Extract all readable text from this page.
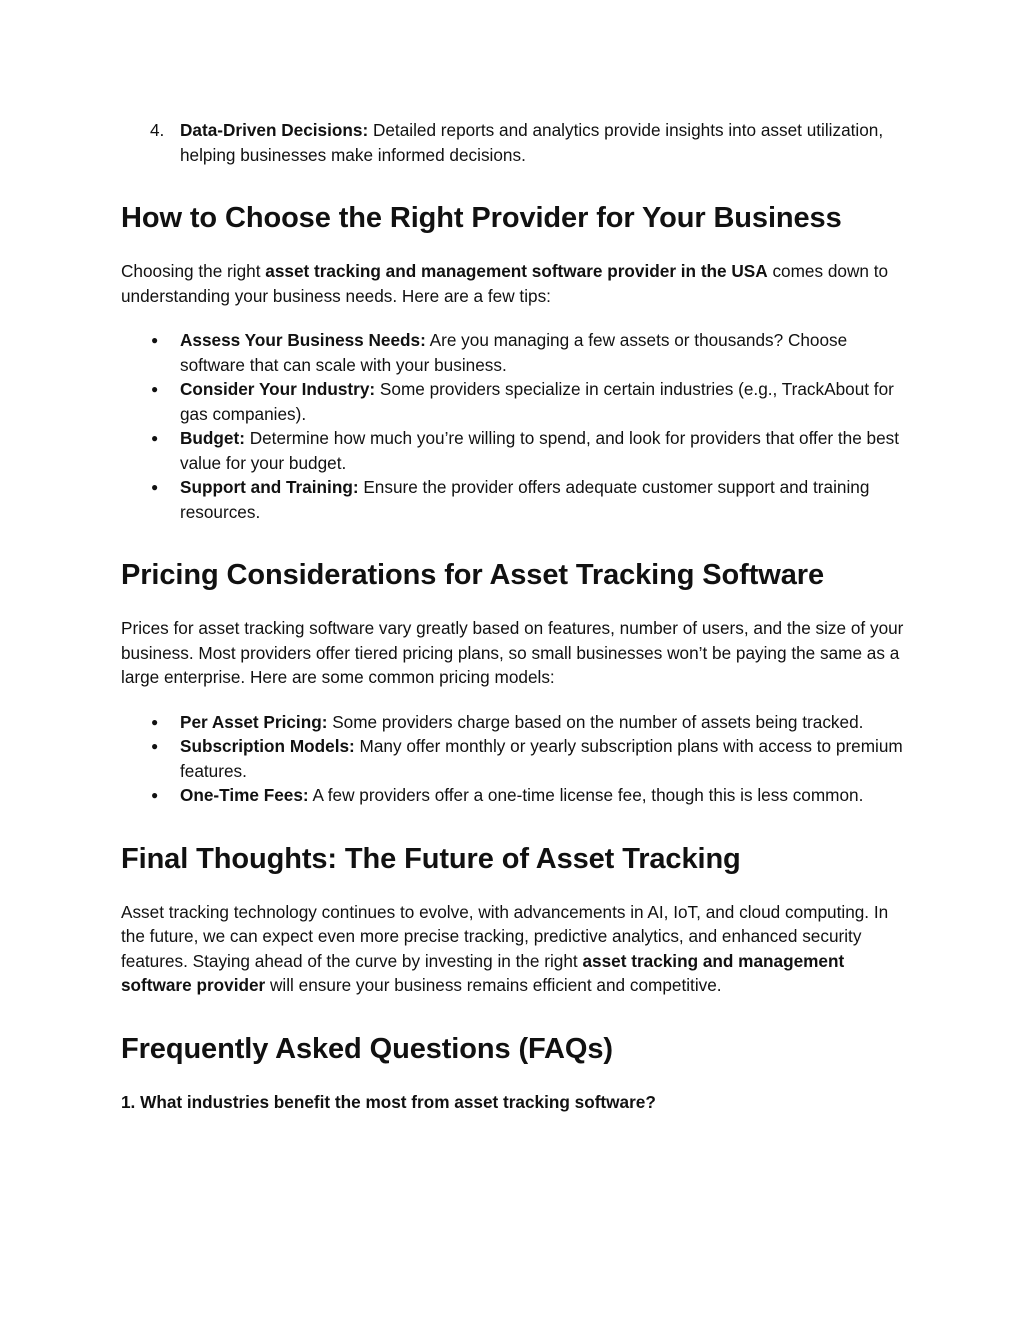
4. Data-Driven Decisions: Detailed reports and analytics provide insights into asset utilization, helping businesses make informed decisions.
How to Choose the Right Provider for Your Business

Choosing the right asset tracking and management software provider in the USA comes down to understanding your business needs. Here are a few tips:

● Assess Your Business Needs: Are you managing a few assets or thousands? Choose software that can scale with your business.
● Consider Your Industry: Some providers specialize in certain industries (e.g., TrackAbout for gas companies).
● Budget: Determine how much you’re willing to spend, and look for providers that offer the best value for your budget.
● Support and Training: Ensure the provider offers adequate customer support and training resources.
Pricing Considerations for Asset Tracking Software

Prices for asset tracking software vary greatly based on features, number of users, and the size of your business. Most providers offer tiered pricing plans, so small businesses won’t be paying the same as a large enterprise. Here are some common pricing models:

● Per Asset Pricing: Some providers charge based on the number of assets being tracked.
● Subscription Models: Many offer monthly or yearly subscription plans with access to premium features.
● One-Time Fees: A few providers offer a one-time license fee, though this is less common.
Final Thoughts: The Future of Asset Tracking

Asset tracking technology continues to evolve, with advancements in AI, IoT, and cloud computing. In the future, we can expect even more precise tracking, predictive analytics, and enhanced security features. Staying ahead of the curve by investing in the right asset tracking and management software provider will ensure your business remains efficient and competitive.

Frequently Asked Questions (FAQs)
1. What industries benefit the most from asset tracking software?
